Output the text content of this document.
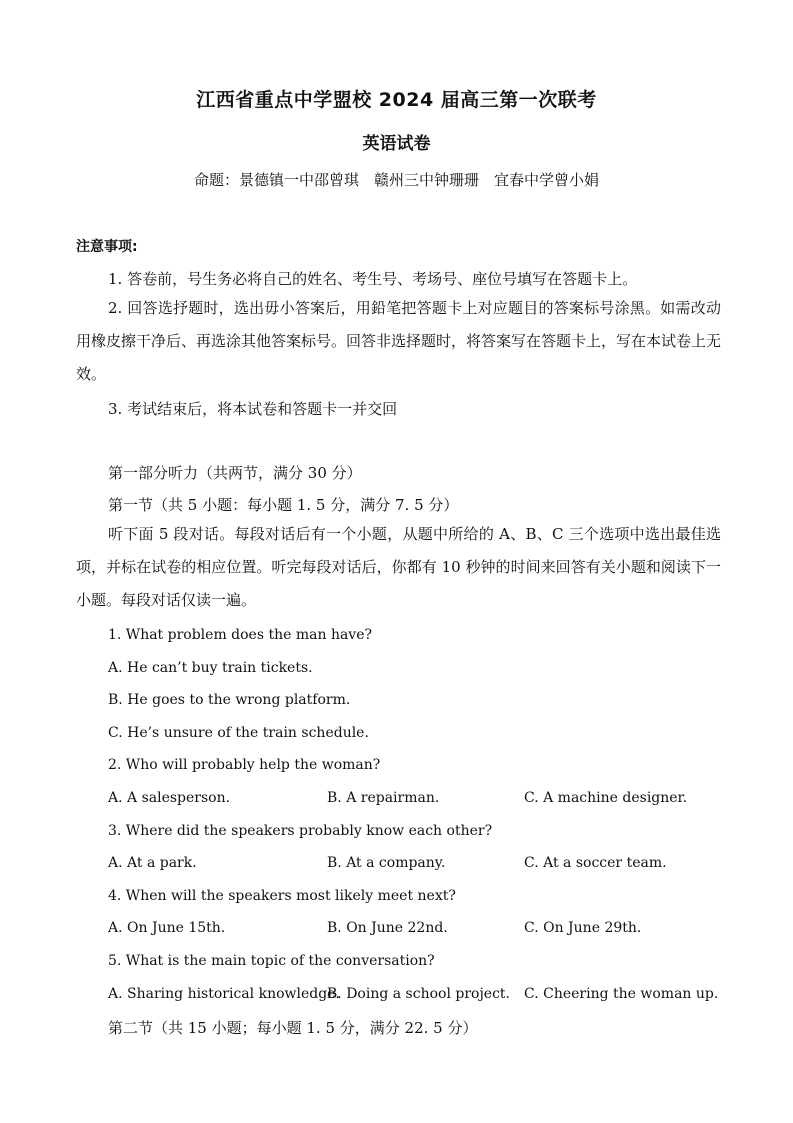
江西省重点中学盟校 2024 届高三第一次联考
英语试卷
命题：景德镇一中邵曾琪　赣州三中钟珊珊　宜春中学曾小娟
注意事项:
1. 答卷前，号生务必将自己的姓名、考生号、考场号、座位号填写在答题卡上。
2. 回答选抒题时，选出毋小答案后，用鉛笔把答题卡上对应题目的答案标号涂黑。如需改动用橡皮擦干净后、再选涂其他答案标号。回答非选择题时，将答案写在答题卡上，写在本试卷上无效。
3. 考试结束后，将本试卷和答题卡一并交回
第一部分听力（共两节，满分 30 分）
第一节（共 5 小题：每小题 1. 5 分，满分 7. 5 分）
听下面 5 段对话。每段对话后有一个小题，从题中所给的 A、B、C 三个选项中选出最佳选项，并标在试卷的相应位置。听完每段对话后，你都有 10 秒钟的时间来回答有关小题和阅读下一小题。每段对话仅读一遍。
1. What problem does the man have?
A. He can’t buy train tickets.
B. He goes to the wrong platform.
C. He’s unsure of the train schedule.
2. Who will probably help the woman?
A. A salesperson.	B. A repairman.	C. A machine designer.
3. Where did the speakers probably know each other?
A. At a park.	B. At a company.	C. At a soccer team.
4. When will the speakers most likely meet next?
A. On June 15th.	B. On June 22nd.	C. On June 29th.
5. What is the main topic of the conversation?
A. Sharing historical knowledge.
B. Doing a school project. C. Cheering the woman up.
第二节（共 15 小题；每小题 1. 5 分，满分 22. 5 分）
